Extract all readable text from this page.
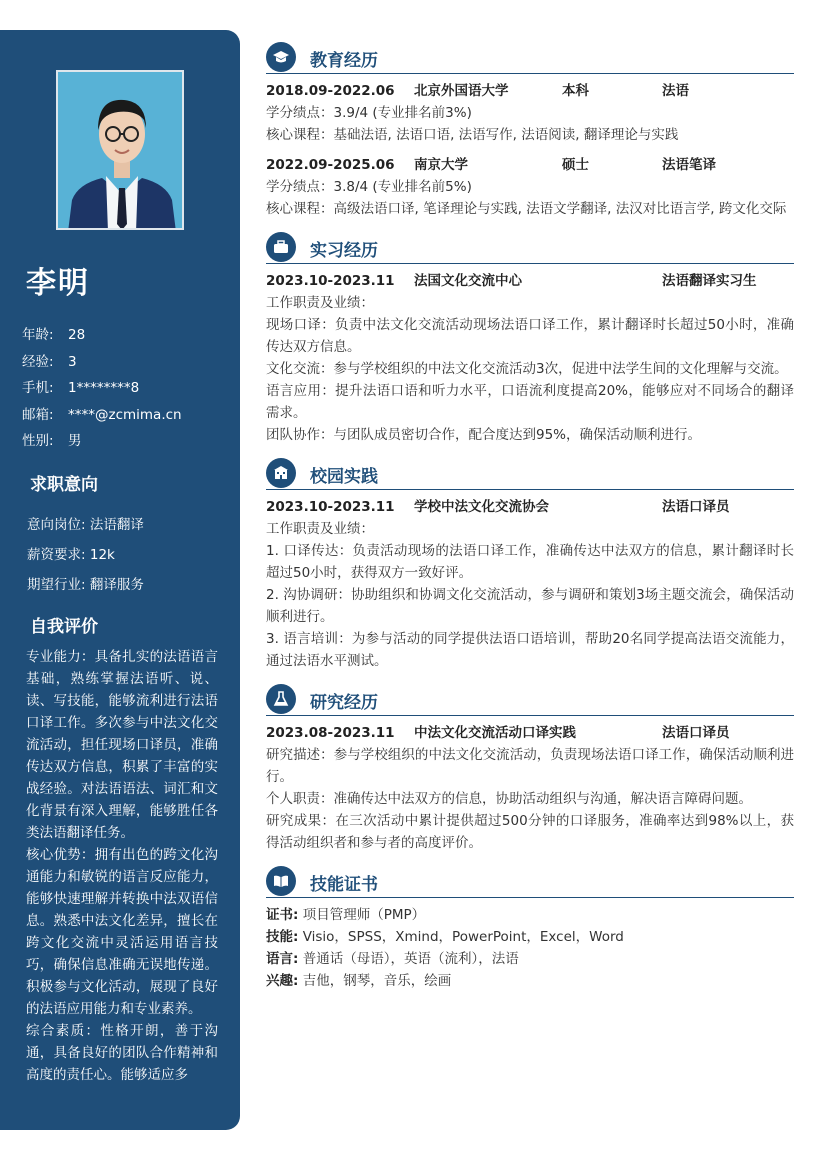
李明
年龄: 28
经验: 3
手机: 1********8
邮箱: ****@zcmima.cn
性别: 男
求职意向
意向岗位: 法语翻译
薪资要求: 12k
期望行业: 翻译服务
自我评价

专业能力：具备扎实的法语语言基础，熟练掌握法语听、说、读、写技能，能够流利进行法语口译工作。多次参与中法文化交流活动，担任现场口译员，准确传达双方信息，积累了丰富的实战经验。对法语语法、词汇和文化背景有深入理解，能够胜任各类法语翻译任务。

核心优势：拥有出色的跨文化沟通能力和敏锐的语言反应能力，能够快速理解并转换中法双语信息。熟悉中法文化差异，擅长在跨文化交流中灵活运用语言技巧，确保信息准确无误地传递。积极参与文化活动，展现了良好的法语应用能力和专业素养。

综合素质：性格开朗，善于沟通，具备良好的团队合作精神和高度的责任心。能够适应多

教育经历
2018.09-2022.06	北京外国语大学	本科	法语
学分绩点：3.9/4 (专业排名前3%)
核心课程：基础法语, 法语口语, 法语写作, 法语阅读, 翻译理论与实践
2022.09-2025.06	南京大学	硕士	法语笔译
学分绩点：3.8/4 (专业排名前5%)
核心课程：高级法语口译, 笔译理论与实践, 法语文学翻译, 法汉对比语言学, 跨文化交际
实习经历
2023.10-2023.11	法国文化交流中心	法语翻译实习生
工作职责及业绩：
现场口译：负责中法文化交流活动现场法语口译工作，累计翻译时长超过50小时，准确传达双方信息。
文化交流：参与学校组织的中法文化交流活动3次，促进中法学生间的文化理解与交流。
语言应用：提升法语口语和听力水平，口语流利度提高20%，能够应对不同场合的翻译需求。
团队协作：与团队成员密切合作，配合度达到95%，确保活动顺利进行。
校园实践
2023.10-2023.11	学校中法文化交流协会	法语口译员
工作职责及业绩：
1. 口译传达：负责活动现场的法语口译工作，准确传达中法双方的信息，累计翻译时长超过50小时，获得双方一致好评。
2. 沟协调研：协助组织和协调文化交流活动，参与调研和策划3场主题交流会，确保活动顺利进行。
3. 语言培训：为参与活动的同学提供法语口语培训，帮助20名同学提高法语交流能力，通过法语水平测试。
研究经历
2023.08-2023.11	中法文化交流活动口译实践	法语口译员
研究描述：参与学校组织的中法文化交流活动，负责现场法语口译工作，确保活动顺利进行。
个人职责：准确传达中法双方的信息，协助活动组织与沟通，解决语言障碍问题。
研究成果：在三次活动中累计提供超过500分钟的口译服务，准确率达到98%以上，获得活动组织者和参与者的高度评价。
技能证书
证书: 项目管理师（PMP）
技能: Visio，SPSS，Xmind，PowerPoint，Excel，Word
语言: 普通话（母语），英语（流利），法语
兴趣: 吉他，钢琴，音乐，绘画
